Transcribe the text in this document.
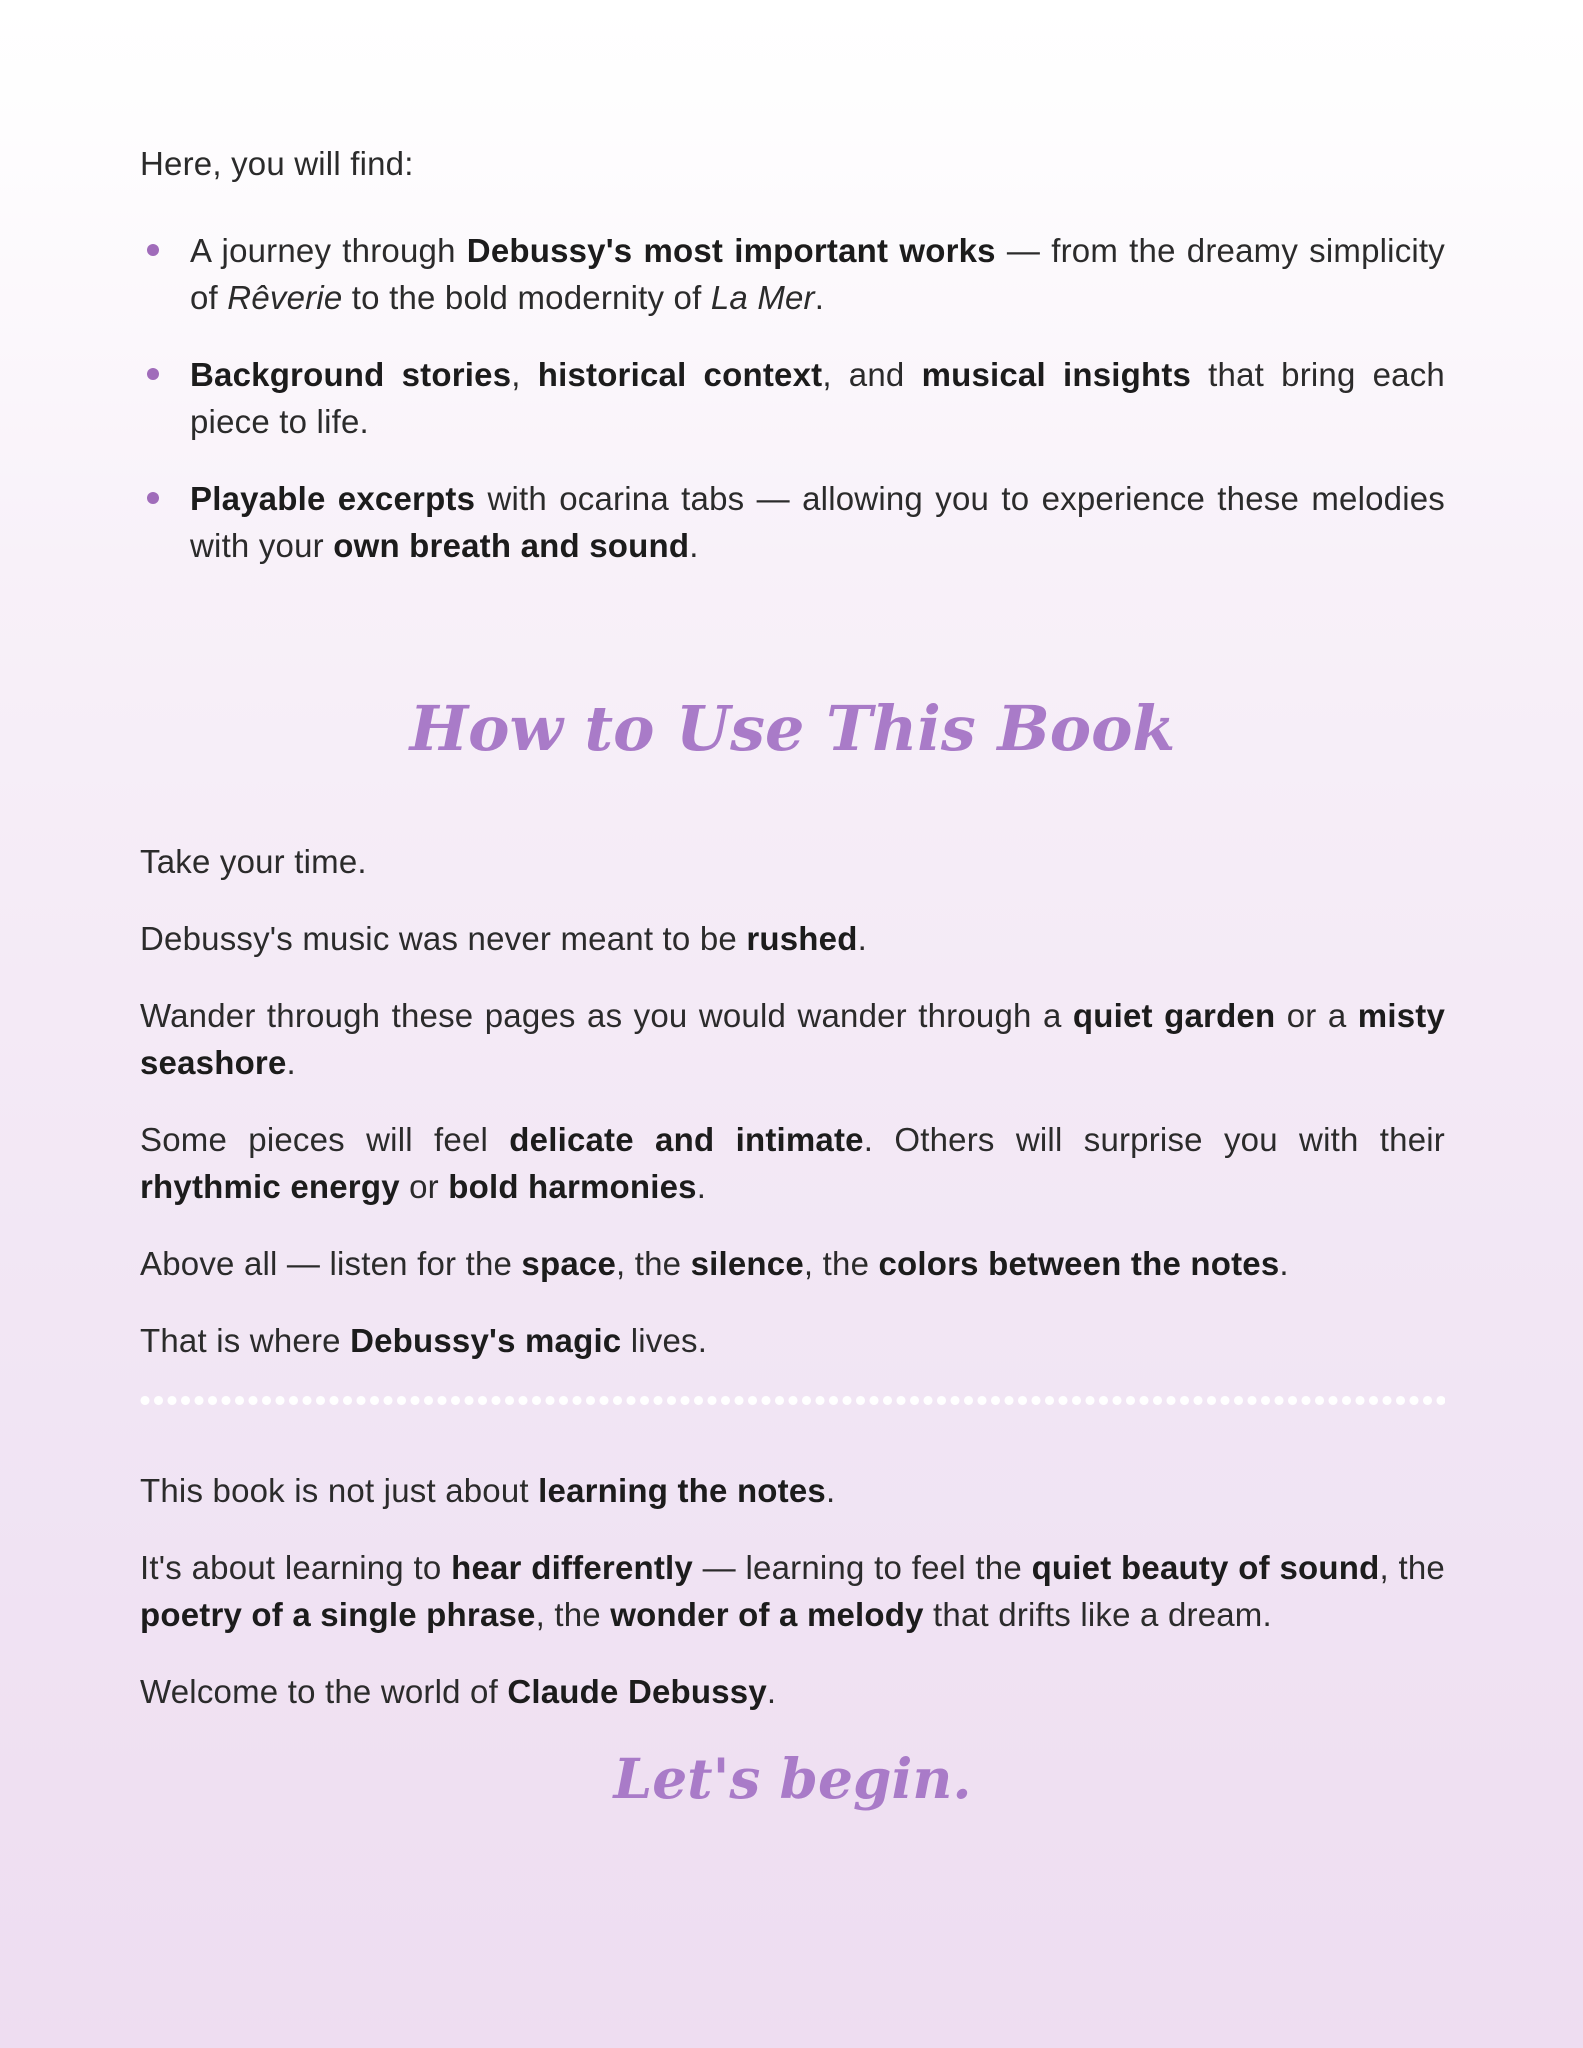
Here, you will find:

A journey through Debussy's most important works — from the dreamy simplicity of Rêverie to the bold modernity of La Mer.
Background stories, historical context, and musical insights that bring each piece to life.
Playable excerpts with ocarina tabs — allowing you to experience these melodies with your own breath and sound.
How to Use This Book

Take your time.

Debussy's music was never meant to be rushed.

Wander through these pages as you would wander through a quiet garden or a misty seashore.

Some pieces will feel delicate and intimate. Others will surprise you with their rhythmic energy or bold harmonies.

Above all — listen for the space, the silence, the colors between the notes.

That is where Debussy's magic lives.

This book is not just about learning the notes.

It's about learning to hear differently — learning to feel the quiet beauty of sound, the poetry of a single phrase, the wonder of a melody that drifts like a dream.

Welcome to the world of Claude Debussy.

Let's begin.
